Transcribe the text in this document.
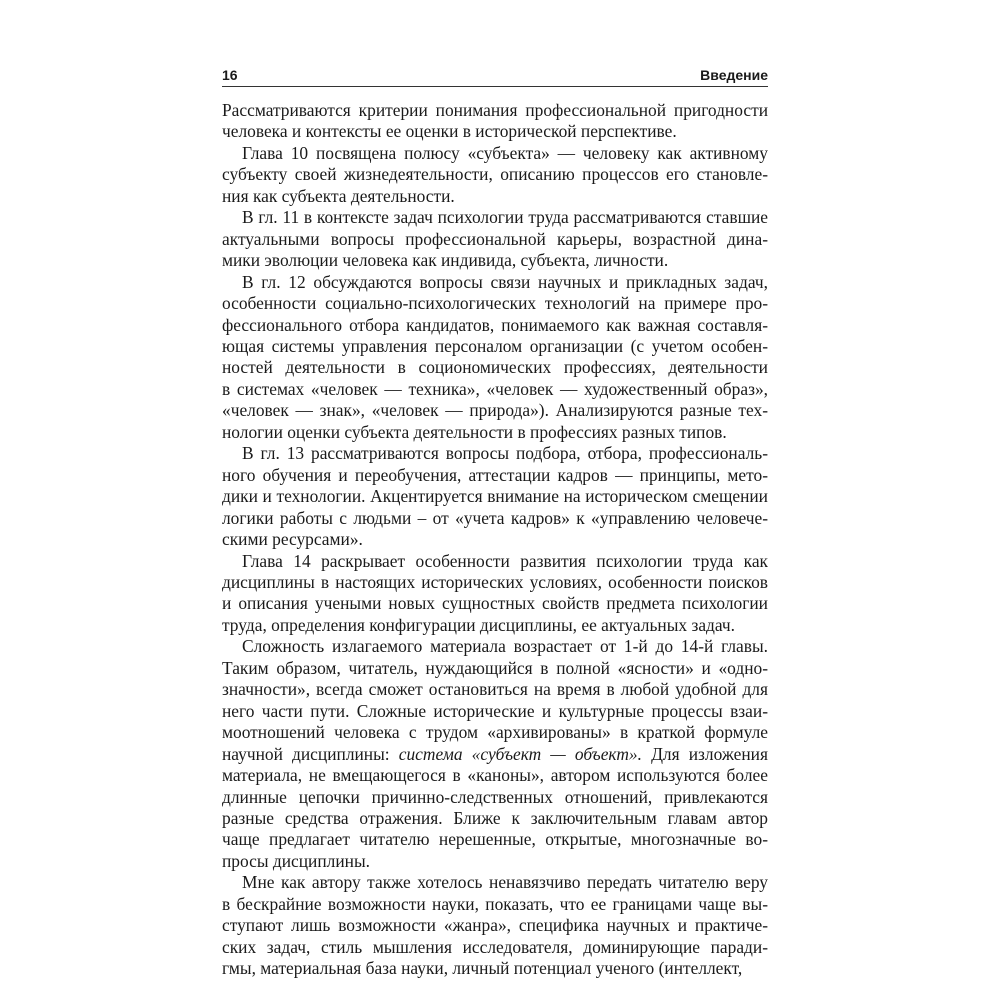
16	Введение
Рассматриваются критерии понимания профессиональной пригодности
человека и контексты ее оценки в исторической перспективе.
Глава 10 посвящена полюсу «субъекта» — человеку как активному
субъекту своей жизнедеятельности, описанию процессов его становле-
ния как субъекта деятельности.
В гл. 11 в контексте задач психологии труда рассматриваются ставшие
актуальными вопросы профессиональной карьеры, возрастной дина-
мики эволюции человека как индивида, субъекта, личности.
В гл. 12 обсуждаются вопросы связи научных и прикладных задач,
особенности социально-психологических технологий на примере про-
фессионального отбора кандидатов, понимаемого как важная составля-
ющая системы управления персоналом организации (с учетом особен-
ностей деятельности в социономических профессиях, деятельности
в системах «человек — техника», «человек — художественный образ»,
«человек — знак», «человек — природа»). Анализируются разные тех-
нологии оценки субъекта деятельности в профессиях разных типов.
В гл. 13 рассматриваются вопросы подбора, отбора, профессиональ-
ного обучения и переобучения, аттестации кадров — принципы, мето-
дики и технологии. Акцентируется внимание на историческом смещении
логики работы с людьми – от «учета кадров» к «управлению человече-
скими ресурсами».
Глава 14 раскрывает особенности развития психологии труда как
дисциплины в настоящих исторических условиях, особенности поисков
и описания учеными новых сущностных свойств предмета психологии
труда, определения конфигурации дисциплины, ее актуальных задач.
Сложность излагаемого материала возрастает от 1-й до 14-й главы.
Таким образом, читатель, нуждающийся в полной «ясности» и «одно-
значности», всегда сможет остановиться на время в любой удобной для
него части пути. Сложные исторические и культурные процессы взаи-
моотношений человека с трудом «архивированы» в краткой формуле
научной дисциплины: система «субъект — объект». Для изложения
материала, не вмещающегося в «каноны», автором используются более
длинные цепочки причинно-следственных отношений, привлекаются
разные средства отражения. Ближе к заключительным главам автор
чаще предлагает читателю нерешенные, открытые, многозначные во-
просы дисциплины.
Мне как автору также хотелось ненавязчиво передать читателю веру
в бескрайние возможности науки, показать, что ее границами чаще вы-
ступают лишь возможности «жанра», специфика научных и практиче-
ских задач, стиль мышления исследователя, доминирующие паради-
гмы, материальная база науки, личный потенциал ученого (интеллект,
